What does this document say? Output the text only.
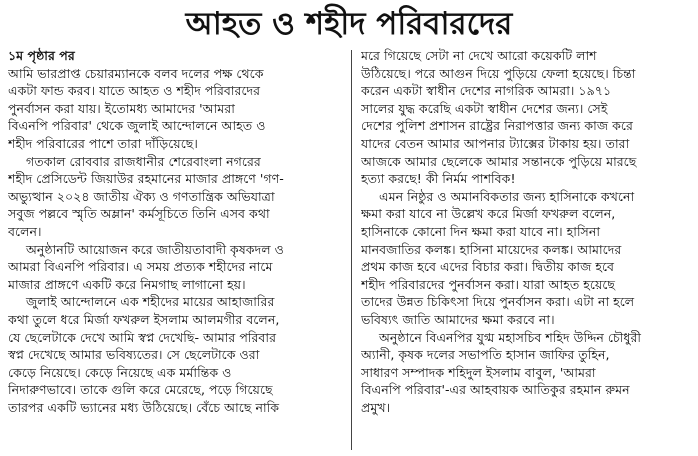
আহত ও শহীদ পরিবারদের
১ম পৃষ্ঠার পর
আমি ভারপ্রাপ্ত চেয়ারম্যানকে বলব দলের পক্ষ থেকে
একটা ফান্ড করব। যাতে আহত ও শহীদ পরিবারদের
পুনর্বাসন করা যায়। ইতোমধ্য আমাদের 'আমরা
বিএনপি পরিবার' থেকে জুলাই আন্দোলনে আহত ও
শহীদ পরিবারের পাশে তারা দাঁড়িয়েছে।
গতকাল রোববার রাজধানীর শেরেবাংলা নগরের
শহীদ প্রেসিডেন্ট জিয়াউর রহমানের মাজার প্রাঙ্গণে 'গণ-
অভ্যুত্থান ২০২৪ জাতীয় ঐক্য ও গণতান্ত্রিক অভিযাত্রা
সবুজ পল্লবে স্মৃতি অম্লান' কর্মসূচিতে তিনি এসব কথা
বলেন।
অনুষ্ঠানটি আয়োজন করে জাতীয়তাবাদী কৃষকদল ও
আমরা বিএনপি পরিবার। এ সময় প্রত্যক শহীদের নামে
মাজার প্রাঙ্গণে একটি করে নিমগাছ লাগানো হয়।
জুলাই আন্দোলনে এক শহীদের মায়ের আহাজারির
কথা তুলে ধরে মির্জা ফখরুল ইসলাম আলমগীর বলেন,
যে ছেলেটাকে দেখে আমি স্বপ্ন দেখেছি- আমার পরিবার
স্বপ্ন দেখেছে আমার ভবিষ্যতের। সে ছেলেটাকে ওরা
কেড়ে নিয়েছে। কেড়ে নিয়েছে এক মর্মান্তিক ও
নিদারুণভাবে। তাকে গুলি করে মেরেছে, পড়ে গিয়েছে
তারপর একটি ভ্যানের মধ্য উঠিয়েছে। বেঁচে আছে নাকি
মরে গিয়েছে সেটা না দেখে আরো কয়েকটি লাশ
উঠিয়েছে। পরে আগুন দিয়ে পুড়িয়ে ফেলা হয়েছে। চিন্তা
করেন একটা স্বাধীন দেশের নাগরিক আমরা। ১৯৭১
সালের যুদ্ধ করেছি একটা স্বাধীন দেশের জন্য। সেই
দেশের পুলিশ প্রশাসন রাষ্ট্রের নিরাপত্তার জন্য কাজ করে
যাদের বেতন আমার আপনার ট্যাক্সের টাকায় হয়। তারা
আজকে আমার ছেলেকে আমার সন্তানকে পুড়িয়ে মারছে
হত্যা করছে! কী নির্মম পাশবিক!
এমন নিষ্ঠুর ও অমানবিকতার জন্য হাসিনাকে কখনো
ক্ষমা করা যাবে না উল্লেখ করে মির্জা ফখরুল বলেন,
হাসিনাকে কোনো দিন ক্ষমা করা যাবে না। হাসিনা
মানবজাতির কলঙ্ক। হাসিনা মায়েদের কলঙ্ক। আমাদের
প্রথম কাজ হবে এদের বিচার করা। দ্বিতীয় কাজ হবে
শহীদ পরিবারদের পুনর্বাসন করা। যারা আহত হয়েছে
তাদের উন্নত চিকিৎসা দিয়ে পুনর্বাসন করা। এটা না হলে
ভবিষ্যৎ জাতি আমাদের ক্ষমা করবে না।
অনুষ্ঠানে বিএনপির যুগ্ম মহাসচিব শহিদ উদ্দিন চৌধুরী
অ্যানী, কৃষক দলের সভাপতি হাসান জাফির তুহিন,
সাধারণ সম্পাদক শহিদুল ইসলাম বাবুল, 'আমরা
বিএনপি পরিবার'-এর আহবায়ক আতিকুর রহমান রুমন
প্রমুখ।
